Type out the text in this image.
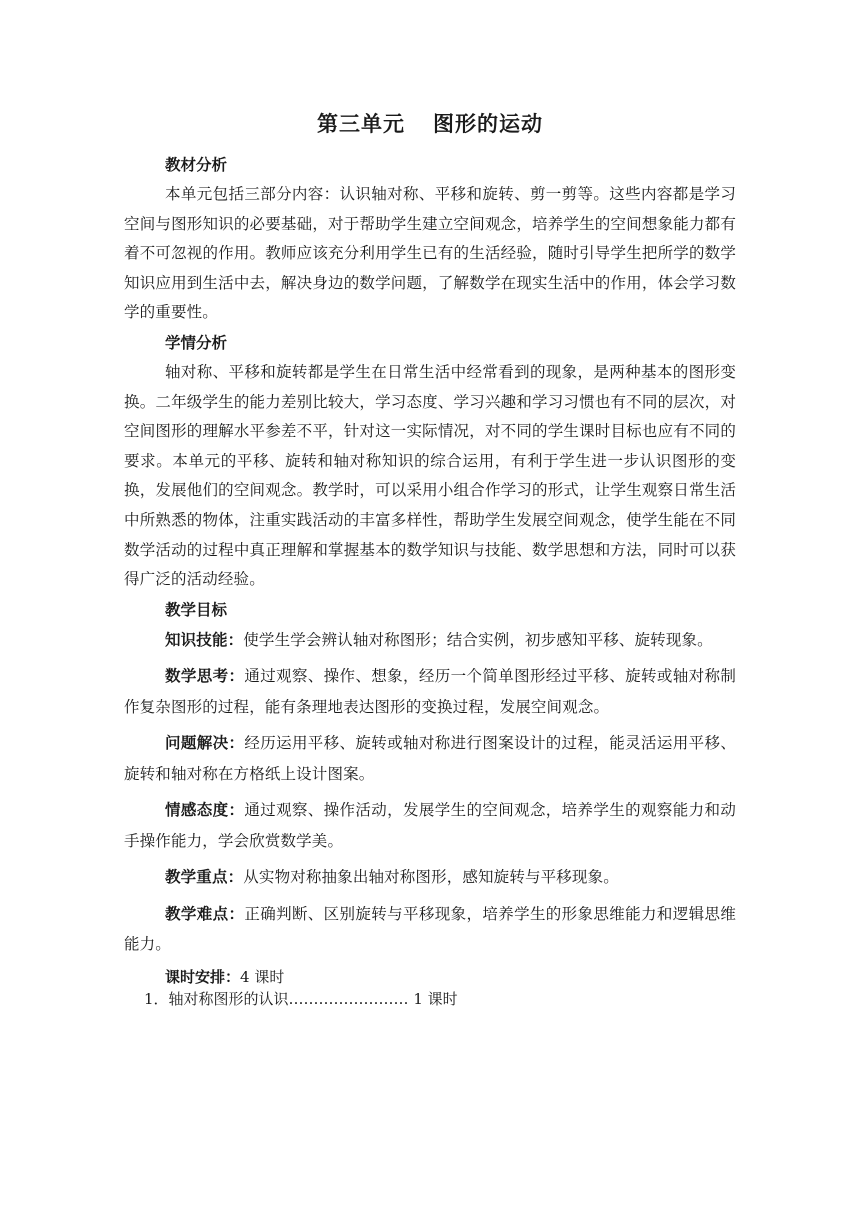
第三单元 图形的运动
教材分析

本单元包括三部分内容：认识轴对称、平移和旋转、剪一剪等。这些内容都是学习空间与图形知识的必要基础，对于帮助学生建立空间观念，培养学生的空间想象能力都有着不可忽视的作用。教师应该充分利用学生已有的生活经验，随时引导学生把所学的数学知识应用到生活中去，解决身边的数学问题，了解数学在现实生活中的作用，体会学习数学的重要性。

学情分析

轴对称、平移和旋转都是学生在日常生活中经常看到的现象，是两种基本的图形变换。二年级学生的能力差别比较大，学习态度、学习兴趣和学习习惯也有不同的层次，对空间图形的理解水平参差不平，针对这一实际情况，对不同的学生课时目标也应有不同的要求。本单元的平移、旋转和轴对称知识的综合运用，有利于学生进一步认识图形的变换，发展他们的空间观念。教学时，可以采用小组合作学习的形式，让学生观察日常生活中所熟悉的物体，注重实践活动的丰富多样性，帮助学生发展空间观念，使学生能在不同数学活动的过程中真正理解和掌握基本的数学知识与技能、数学思想和方法，同时可以获得广泛的活动经验。

教学目标

知识技能：使学生学会辨认轴对称图形；结合实例，初步感知平移、旋转现象。

数学思考：通过观察、操作、想象，经历一个简单图形经过平移、旋转或轴对称制作复杂图形的过程，能有条理地表达图形的变换过程，发展空间观念。

问题解决：经历运用平移、旋转或轴对称进行图案设计的过程，能灵活运用平移、旋转和轴对称在方格纸上设计图案。

情感态度：通过观察、操作活动，发展学生的空间观念，培养学生的观察能力和动手操作能力，学会欣赏数学美。

教学重点：从实物对称抽象出轴对称图形，感知旋转与平移现象。

教学难点：正确判断、区别旋转与平移现象，培养学生的形象思维能力和逻辑思维能力。

课时安排：4 课时

1．轴对称图形的认识…………………… 1 课时
